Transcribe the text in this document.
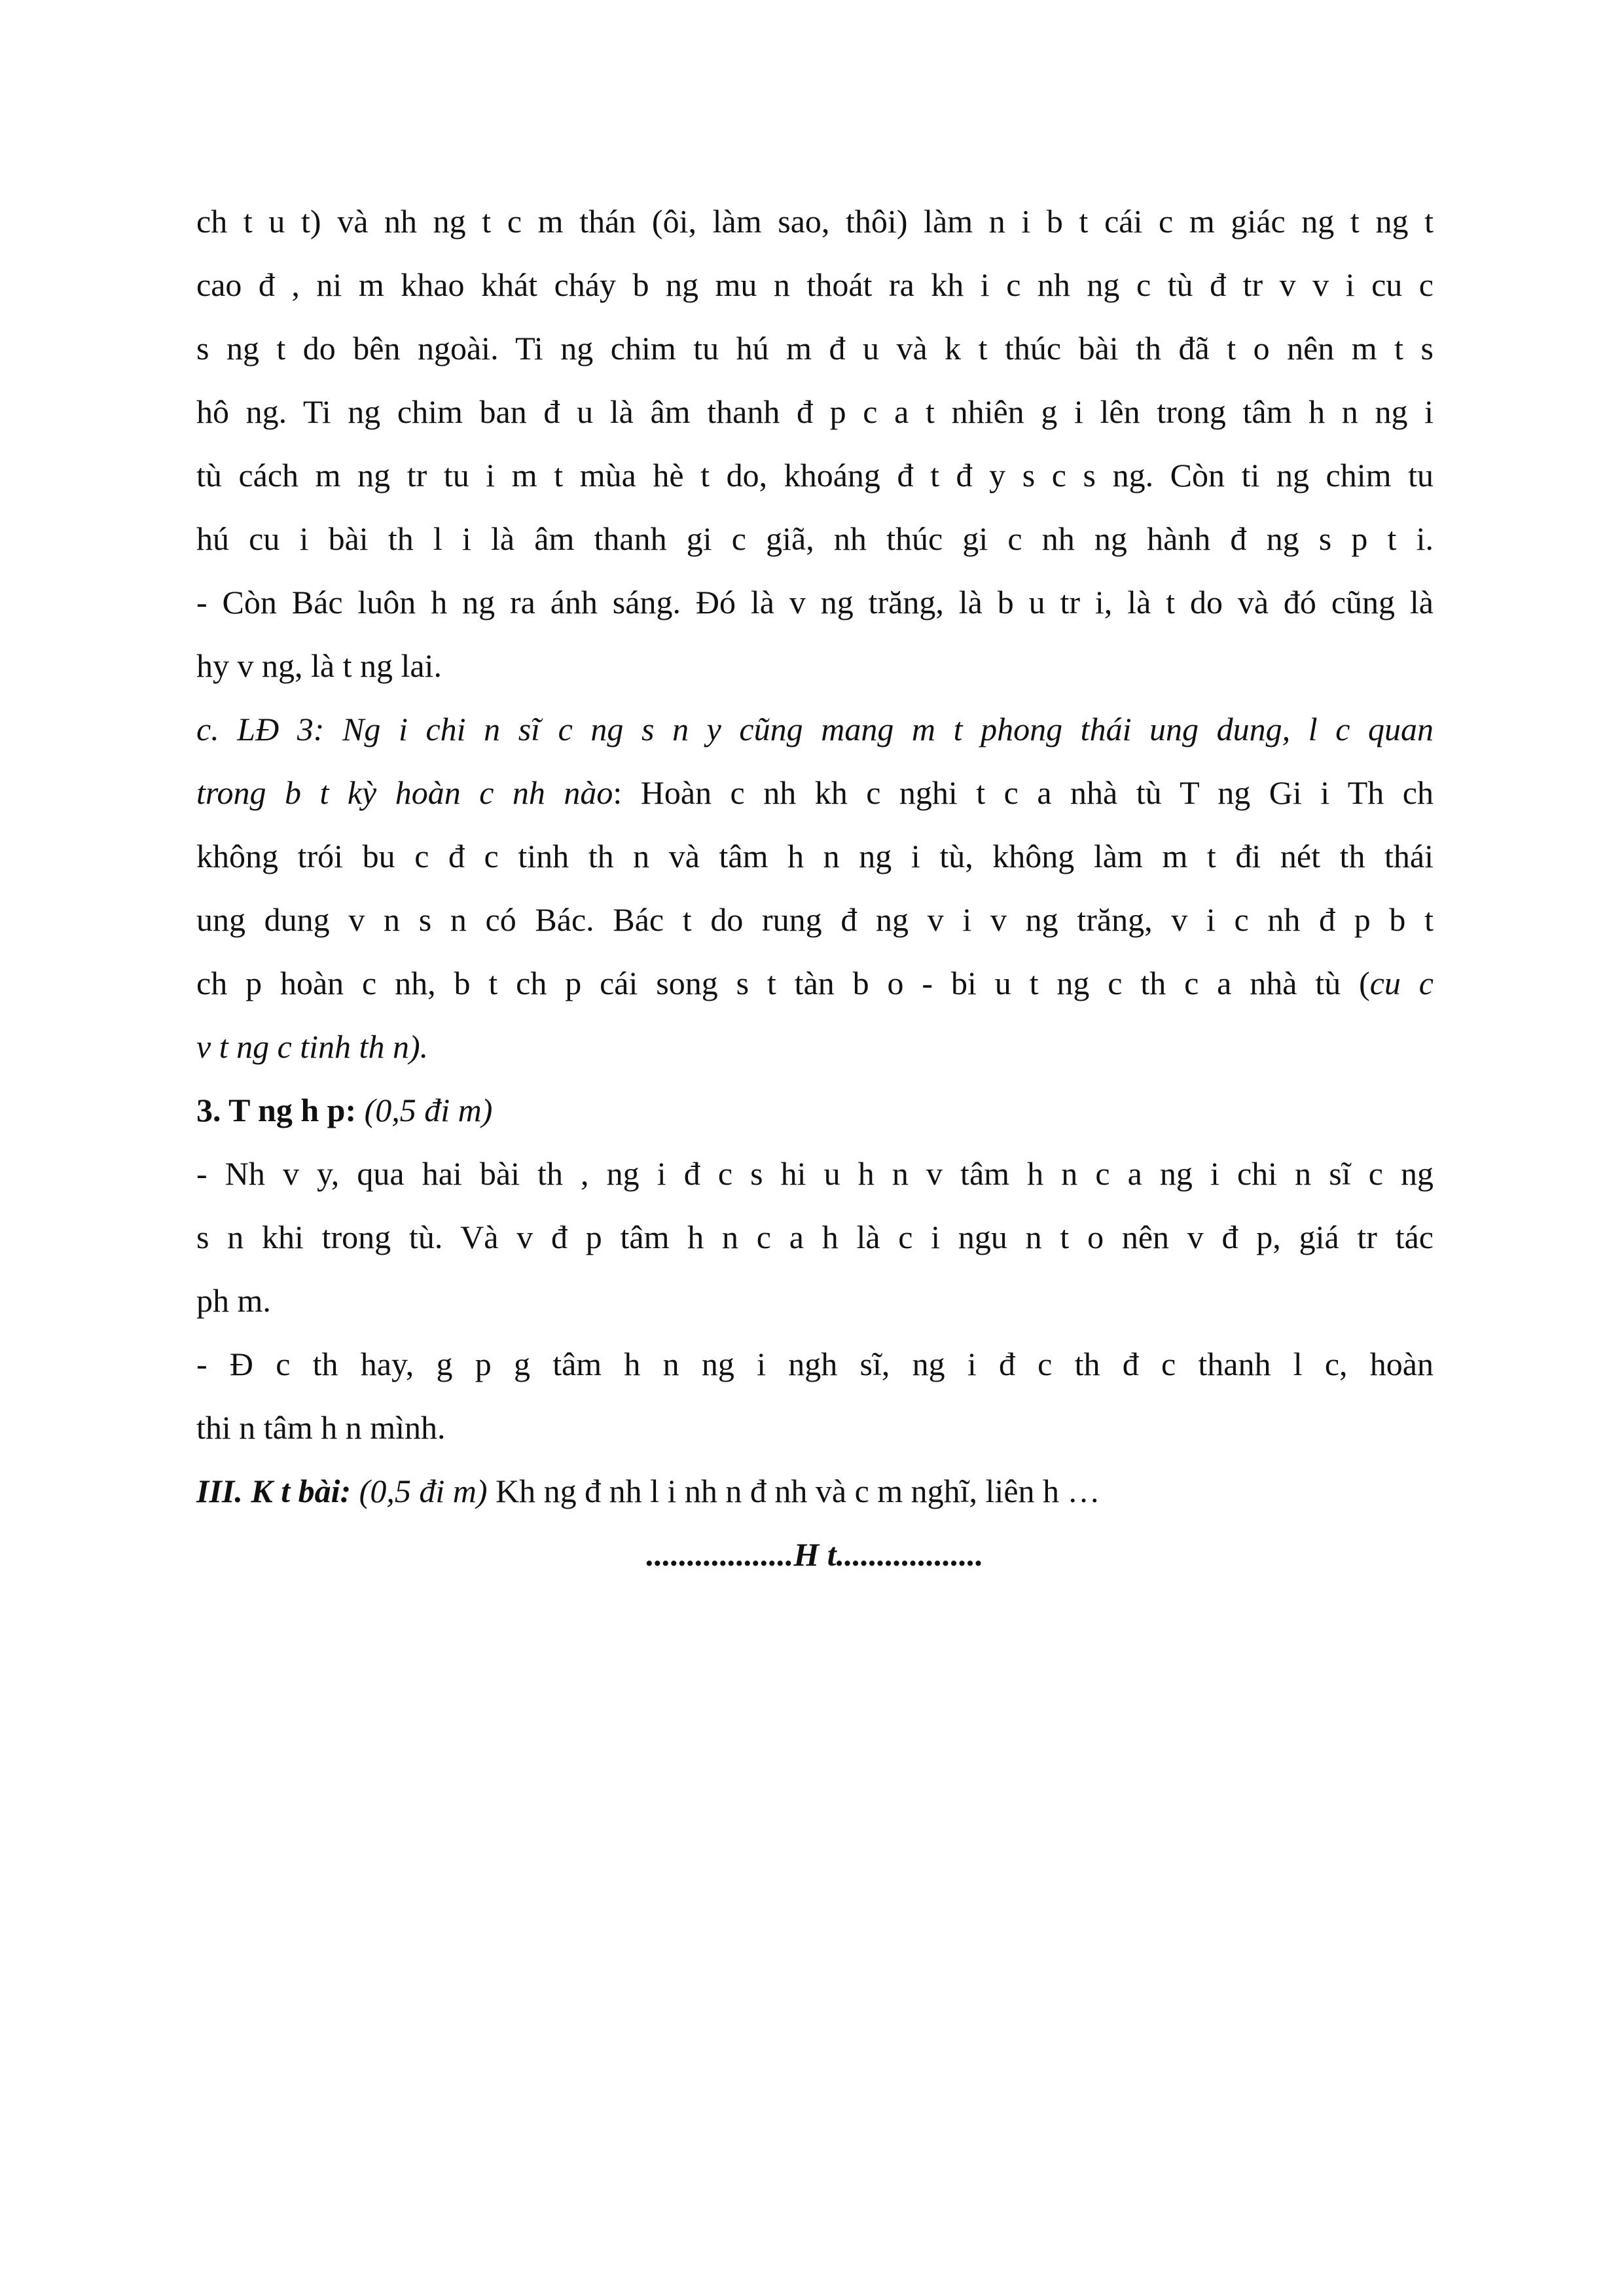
ch t u t) và nh ng t c m thán (ôi, làm sao, thôi) làm n i b t cái c m giác ng t ng t
cao đ , ni m khao khát cháy b ng mu n thoát ra kh i c nh ng c tù đ tr v v i cu c
s ng t do bên ngoài. Ti ng chim tu hú m đ u và k t thúc bài th đã t o nên m t s
hô ng. Ti ng chim ban đ u là âm thanh đ p c a t nhiên g i lên trong tâm h n ng i
tù cách m ng tr tu i m t mùa hè t do, khoáng đ t đ y s c s ng. Còn ti ng chim tu
hú cu i bài th l i là âm thanh gi c giã, nh thúc gi c nh ng hành đ ng s p t i.
- Còn Bác luôn h ng ra ánh sáng. Đó là v ng trăng, là b u tr i, là t do và đó cũng là
hy v ng, là t ng lai.
c. LĐ 3: Ng i chi n sĩ c ng s n y cũng mang m t phong thái ung dung, l c quan
trong b t kỳ hoàn c nh nào: Hoàn c nh kh c nghi t c a nhà tù T ng Gi i Th ch
không trói bu c đ c tinh th n và tâm h n ng i tù, không làm m t đi nét th thái
ung dung v n s n có Bác. Bác t do rung đ ng v i v ng trăng, v i c nh đ p b t
ch p hoàn c nh, b t ch p cái song s t tàn b o - bi u t ng c th c a nhà tù (cu c
v t ng c tinh th n).
3. T ng h p: (0,5 đi m)
- Nh v y, qua hai bài th , ng i đ c s hi u h n v tâm h n c a ng i chi n sĩ c ng
s n khi trong tù. Và v đ p tâm h n c a h là c i ngu n t o nên v đ p, giá tr tác
ph m.
- Đ c th hay, g p g tâm h n ng i ngh sĩ, ng i đ c th đ c thanh l c, hoàn
thi n tâm h n mình.
III. K t bài: (0,5 đi m) Kh ng đ nh l i nh n đ nh và c m nghĩ, liên h …
..................H t..................
